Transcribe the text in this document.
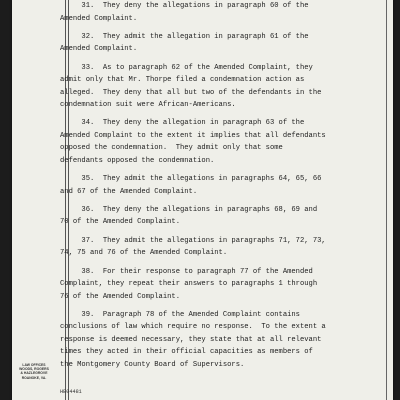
31.  They deny the allegations in paragraph 60 of the
Amended Complaint.
32.  They admit the allegation in paragraph 61 of the
Amended Complaint.
33.  As to paragraph 62 of the Amended Complaint, they
admit only that Mr. Thorpe filed a condemnation action as
alleged.  They deny that all but two of the defendants in the
condemnation suit were African-Americans.
34.  They deny the allegation in paragraph 63 of the
Amended Complaint to the extent it implies that all defendants
opposed the condemnation.  They admit only that some
defendants opposed the condemnation.
35.  They admit the allegations in paragraphs 64, 65, 66
and 67 of the Amended Complaint.
36.  They deny the allegations in paragraphs 68, 69 and
70 of the Amended Complaint.
37.  They admit the allegations in paragraphs 71, 72, 73,
74, 75 and 76 of the Amended Complaint.
38.  For their response to paragraph 77 of the Amended
Complaint, they repeat their answers to paragraphs 1 through
76 of the Amended Complaint.
39.  Paragraph 78 of the Amended Complaint contains
conclusions of law which require no response.  To the extent a
response is deemed necessary, they state that at all relevant
times they acted in their official capacities as members of
the Montgomery County Board of Supervisors.
LAW OFFICES
WOODS, ROGERS
& HAZLEGROVE
ROANOKE, VA.
HE04481
